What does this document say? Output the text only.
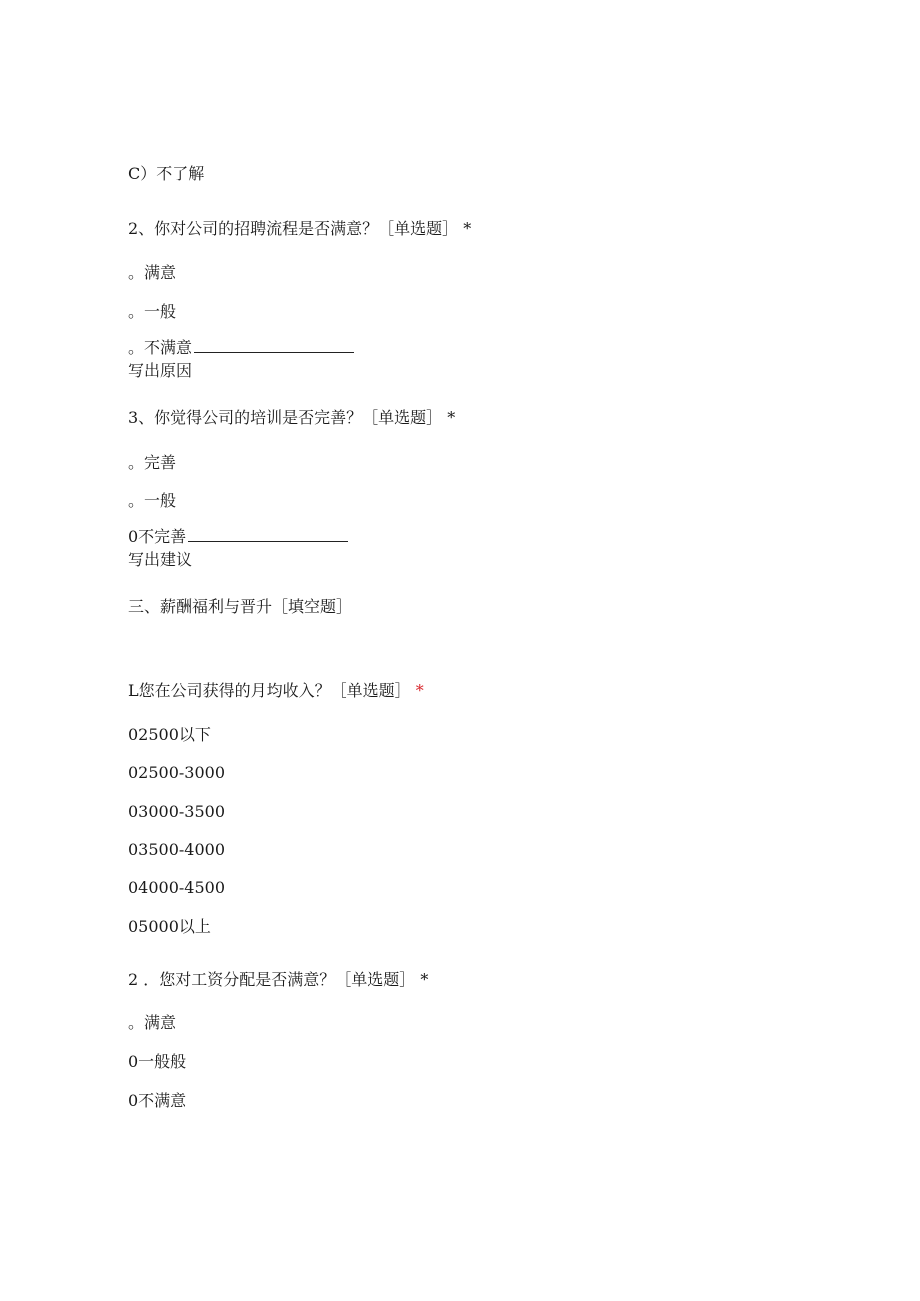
C）不了解
2、你对公司的招聘流程是否满意？［单选题］ *
。满意
。一般
。不满意
写出原因
3、你觉得公司的培训是否完善？［单选题］ *
。完善
。一般
0不完善
写出建议
三、薪酬福利与晋升［填空题］
L您在公司获得的月均收入？［单选题］ *
02500以下
02500-3000
03000-3500
03500-4000
04000-4500
05000以上
2 ．您对工资分配是否满意？［单选题］ *
。满意
0一般般
0不满意
